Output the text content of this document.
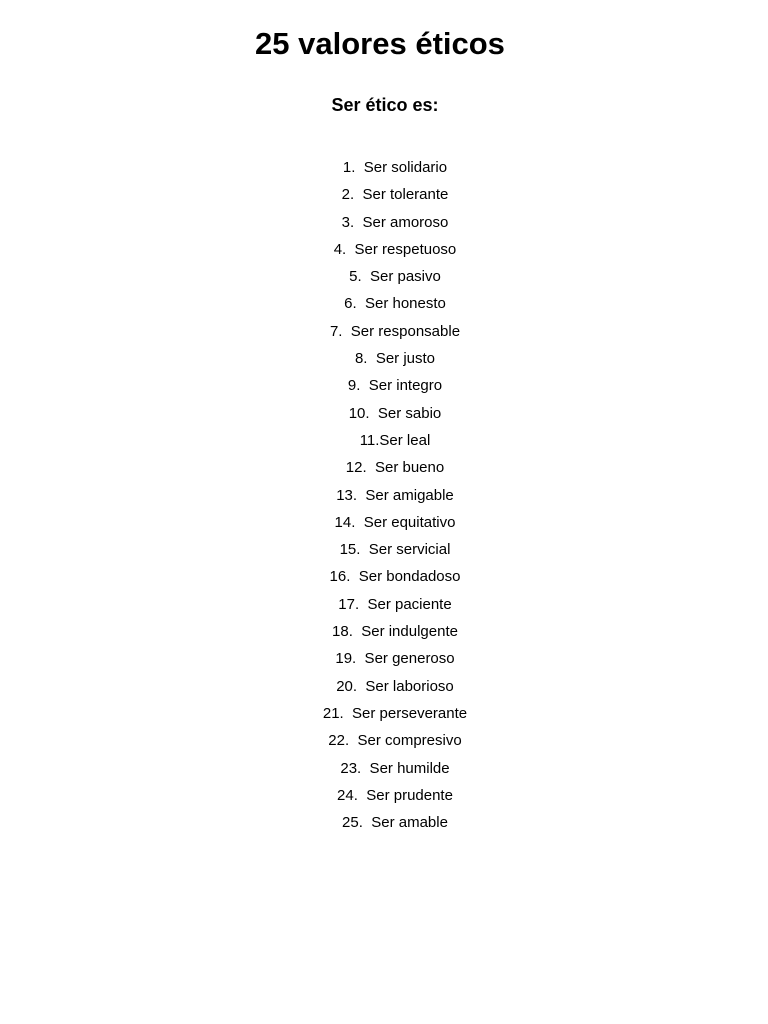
25 valores éticos
Ser ético es:
1.  Ser solidario
2.  Ser tolerante
3.  Ser amoroso
4.  Ser respetuoso
5.  Ser pasivo
6.  Ser honesto
7.  Ser responsable
8.  Ser justo
9.  Ser integro
10.  Ser sabio
11.Ser leal
12.  Ser bueno
13.  Ser amigable
14.  Ser equitativo
15.  Ser servicial
16.  Ser bondadoso
17.  Ser paciente
18.  Ser indulgente
19.  Ser generoso
20.  Ser laborioso
21.  Ser perseverante
22.  Ser compresivo
23.  Ser humilde
24.  Ser prudente
25.  Ser amable
